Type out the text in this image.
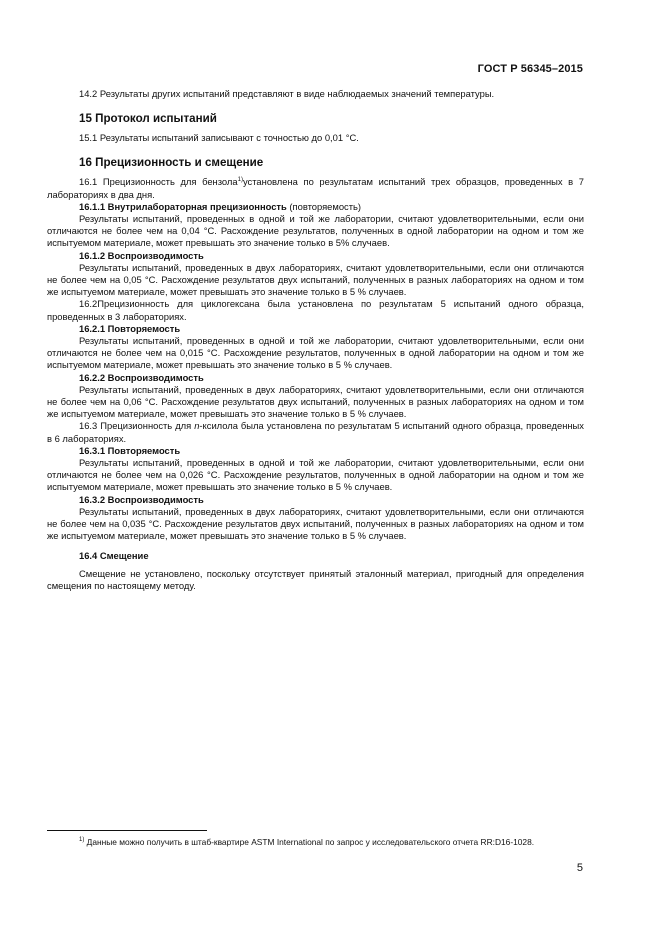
ГОСТ Р 56345–2015

14.2 Результаты других испытаний представляют в виде наблюдаемых значений температуры.

15 Протокол испытаний

15.1 Результаты испытаний записывают с точностью до 0,01 °С.

16 Прецизионность и смещение

16.1 Прецизионность для бензола$^{1)}$установлена по результатам испытаний трех образцов, проведенных в 7 лабораториях в два дня.

16.1.1 Внутрилабораторная прецизионность (повторяемость)

Результаты испытаний, проведенных в одной и той же лаборатории, считают удовлетворительными, если они отличаются не более чем на 0,04 °С. Расхождение результатов, полученных в одной лаборатории на одном и том же испытуемом материале, может превышать это значение только в 5% случаев.

16.1.2 Воспроизводимость

Результаты испытаний, проведенных в двух лабораториях, считают удовлетворительными, если они отличаются не более чем на 0,05 °С. Расхождение результатов двух испытаний, полученных в разных лабораториях на одном и том же испытуемом материале, может превышать это значение только в 5 % случаев.

16.2Прецизионность для циклогексана была установлена по результатам 5 испытаний одного образца, проведенных в 3 лабораториях.

16.2.1 Повторяемость

Результаты испытаний, проведенных в одной и той же лаборатории, считают удовлетворительными, если они отличаются не более чем на 0,015 °С. Расхождение результатов, полученных в одной лаборатории на одном и том же испытуемом материале, может превышать это значение только в 5 % случаев.

16.2.2 Воспроизводимость

Результаты испытаний, проведенных в двух лабораториях, считают удовлетворительными, если они отличаются не более чем на 0,06 °С. Расхождение результатов двух испытаний, полученных в разных лабораториях на одном и том же испытуемом материале, может превышать это значение только в 5 % случаев.

16.3 Прецизионность для n-ксилола была установлена по результатам 5 испытаний одного образца, проведенных в 6 лабораториях.

16.3.1 Повторяемость

Результаты испытаний, проведенных в одной и той же лаборатории, считают удовлетворительными, если они отличаются не более чем на 0,026 °С. Расхождение результатов, полученных в одной лаборатории на одном и том же испытуемом материале, может превышать это значение только в 5 % случаев.

16.3.2 Воспроизводимость

Результаты испытаний, проведенных в двух лабораториях, считают удовлетворительными, если они отличаются не более чем на 0,035 °С. Расхождение результатов двух испытаний, полученных в разных лабораториях на одном и том же испытуемом материале, может превышать это значение только в 5 % случаев.

16.4 Смещение

Смещение не установлено, поскольку отсутствует принятый эталонный материал, пригодный для определения смещения по настоящему методу.

$^{1)}$ Данные можно получить в штаб-квартире ASTM International по запрос у исследовательского отчета RR:D16-1028.

5
